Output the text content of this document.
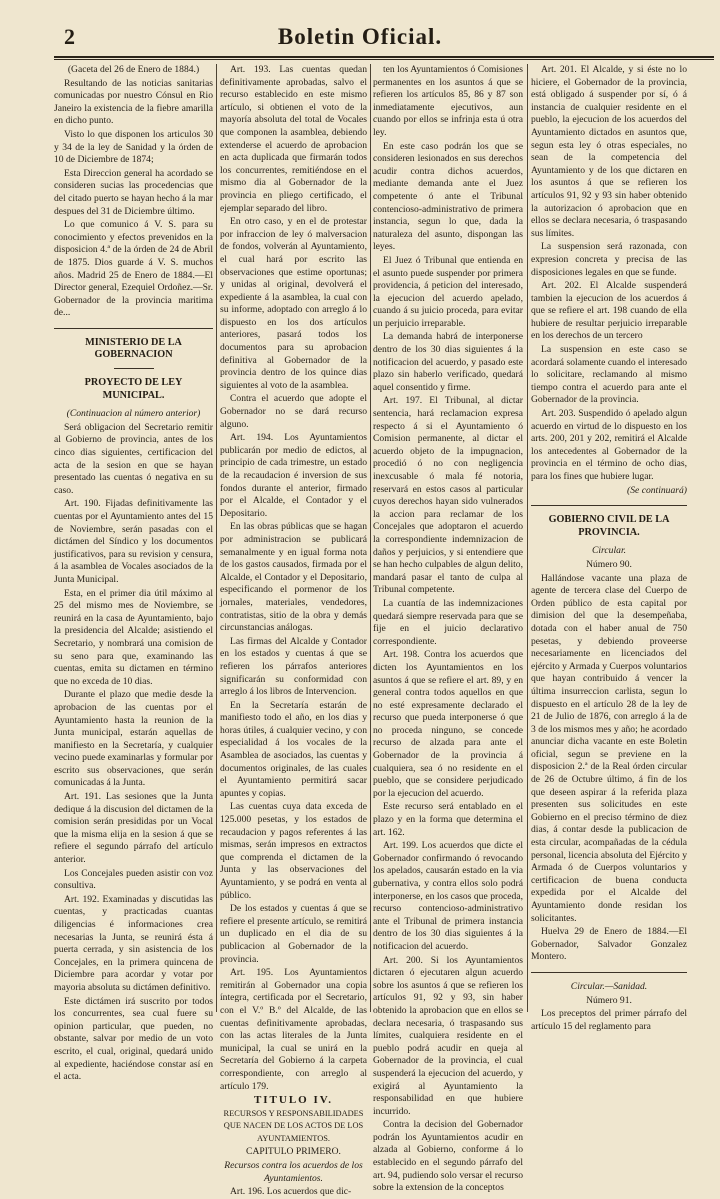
2	Boletin Oficial.

(Gaceta del 26 de Enero de 1884.)

Resultando de las noticias sanitarias comunicadas por nuestro Cónsul en Rio Janeiro la existencia de la fiebre amarilla en dicho punto.

Visto lo que disponen los articulos 30 y 34 de la ley de Sanidad y la órden de 10 de Diciembre de 1874;

Esta Direccion general ha acordado se consideren sucias las procedencias que del citado puerto se hayan hecho á la mar despues del 31 de Diciembre último.

Lo que comunico á V. S. para su conocimiento y efectos prevenidos en la disposicion 4.ª de la órden de 24 de Abril de 1875. Dios guarde á V. S. muchos años. Madrid 25 de Enero de 1884.—El Director general, Ezequiel Ordoñez.—Sr. Gobernador de la provincia maritima de...

MINISTERIO DE LA GOBERNACION

PROYECTO DE LEY MUNICIPAL.

(Continuacion al número anterior)

Será obligacion del Secretario remitir al Gobierno de provincia, antes de los cinco dias siguientes, certificacion del acta de la sesion en que se hayan presentado las cuentas ó negativa en su caso.

Art. 190. Fijadas definitivamente las cuentas por el Ayuntamiento antes del 15 de Noviembre, serán pasadas con el dictámen del Síndico y los documentos justificativos, para su revision y censura, á la asamblea de Vocales asociados de la Junta Municipal.

Esta, en el primer dia útil máximo al 25 del mismo mes de Noviembre, se reunirá en la casa de Ayuntamiento, bajo la presidencia del Alcalde; asistiendo el Secretario, y nombrará una comision de su seno para que, examinando las cuentas, emita su dictamen en término que no exceda de 10 dias.

Durante el plazo que medie desde la aprobacion de las cuentas por el Ayuntamiento hasta la reunion de la Junta municipal, estarán aquellas de manifiesto en la Secretaría, y cualquier vecino puede examinarlas y formular por escrito sus observaciones, que serán comunicadas á la Junta.

Art. 191. Las sesiones que la Junta dedique á la discusion del dictamen de la comision serán presididas por un Vocal que la misma elija en la sesion á que se refiere el segundo párrafo del artículo anterior.

Los Concejales pueden asistir con voz consultiva.

Art. 192. Examinadas y discutidas las cuentas, y practicadas cuantas diligencias é informaciones crea necesarias la Junta, se reunirá ésta á puerta cerrada, y sin asistencia de los Concejales, en la primera quincena de Diciembre para acordar y votar por mayoria absoluta su dictámen definitivo.

Este dictámen irá suscrito por todos los concurrentes, sea cual fuere su opinion particular, que pueden, no obstante, salvar por medio de un voto escrito, el cual, original, quedará unido al expediente, haciéndose constar así en el acta.

Art. 193. Las cuentas quedan definitivamente aprobadas, salvo el recurso establecido en este mismo artículo, si obtienen el voto de la mayoría absoluta del total de Vocales que componen la asamblea, debiendo extenderse el acuerdo de aprobacion en acta duplicada que firmarán todos los concurrentes, remitiéndose en el mismo dia al Gobernador de la provincia en pliego certificado, el ejemplar separado del libro.

En otro caso, y en el de protestar por infraccion de ley ó malversacion de fondos, volverán al Ayuntamiento, el cual hará por escrito las observaciones que estime oportunas; y unidas al original, devolverá el expediente á la asamblea, la cual con su informe, adoptado con arreglo á lo dispuesto en los dos artículos anteriores, pasará todos los documentos para su aprobacion definitiva al Gobernador de la provincia dentro de los quince dias siguientes al voto de la asamblea.

Contra el acuerdo que adopte el Gobernador no se dará recurso alguno.

Art. 194. Los Ayuntamientos publicarán por medio de edictos, al principio de cada trimestre, un estado de la recaudacion é inversion de sus fondos durante el anterior, firmado por el Alcalde, el Contador y el Depositario.

En las obras públicas que se hagan por administracion se publicará semanalmente y en igual forma nota de los gastos causados, firmada por el Alcalde, el Contador y el Depositario, especificando el pormenor de los jornales, materiales, vendedores, contratistas, sitio de la obra y demás circunstancias análogas.

Las firmas del Alcalde y Contador en los estados y cuentas á que se refieren los párrafos anteriores significarán su conformidad con arreglo á los libros de Intervencion.

En la Secretaría estarán de manifiesto todo el año, en los dias y horas útiles, á cualquier vecino, y con especialidad á los vocales de la Asamblea de asociados, las cuentas y documentos originales, de las cuales el Ayuntamiento permitirá sacar apuntes y copias.

Las cuentas cuya data exceda de 125.000 pesetas, y los estados de recaudacion y pagos referentes á las mismas, serán impresos en extractos que comprenda el dictamen de la Junta y las observaciones del Ayuntamiento, y se podrá en venta al público.

De los estados y cuentas á que se refiere el presente artículo, se remitirá un duplicado en el dia de su publicacion al Gobernador de la provincia.

Art. 195. Los Ayuntamientos remitirán al Gobernador una copia íntegra, certificada por el Secretario, con el V.º B.º del Alcalde, de las cuentas definitivamente aprobadas, con las actas literales de la Junta municipal, la cual se unirá en la Secretaría del Gobierno á la carpeta correspondiente, con arreglo al artículo 179.

TITULO IV.

RECURSOS Y RESPONSABILIDADES QUE NACEN DE LOS ACTOS DE LOS AYUNTAMIENTOS.

CAPITULO PRIMERO.

Recursos contra los acuerdos de los Ayuntamientos.

Art. 196. Los acuerdos que dic-

ten los Ayuntamientos ó Comisiones permanentes en los asuntos á que se refieren los artículos 85, 86 y 87 son inmediatamente ejecutivos, aun cuando por ellos se infrinja esta ú otra ley.

En este caso podrán los que se consideren lesionados en sus derechos acudir contra dichos acuerdos, mediante demanda ante el Juez competente ó ante el Tribunal contencioso-administrativo de primera instancia, segun lo que, dada la naturaleza del asunto, dispongan las leyes.

El Juez ó Tribunal que entienda en el asunto puede suspender por primera providencia, á peticion del interesado, la ejecucion del acuerdo apelado, cuando á su juicio proceda, para evitar un perjuicio irreparable.

La demanda habrá de interponerse dentro de los 30 dias siguientes á la notificacion del acuerdo, y pasado este plazo sin haberlo verificado, quedará aquel consentido y firme.

Art. 197. El Tribunal, al dictar sentencia, hará reclamacion expresa respecto á si el Ayuntamiento ó Comision permanente, al dictar el acuerdo objeto de la impugnacion, procedió ó no con negligencia inexcusable ó mala fé notoria, reservará en estos casos al particular cuyos derechos hayan sido vulnerados la accion para reclamar de los Concejales que adoptaron el acuerdo la correspondiente indemnizacion de daños y perjuicios, y si entendiere que se han hecho culpables de algun delito, mandará pasar el tanto de culpa al Tribunal competente.

La cuantía de las indemnizaciones quedará siempre reservada para que se fije en el juicio declarativo correspondiente.

Art. 198. Contra los acuerdos que dicten los Ayuntamientos en los asuntos á que se refiere el art. 89, y en general contra todos aquellos en que no esté expresamente declarado el recurso que pueda interponerse ó que no proceda ninguno, se concede recurso de alzada para ante el Gobernador de la provincia á cualquiera, sea ó no residente en el pueblo, que se considere perjudicado por la ejecucion del acuerdo.

Este recurso será entablado en el plazo y en la forma que determina el art. 162.

Art. 199. Los acuerdos que dicte el Gobernador confirmando ó revocando los apelados, causarán estado en la via gubernativa, y contra ellos solo podrá interponerse, en los casos que proceda, recurso contencioso-administrativo ante el Tribunal de primera instancia dentro de los 30 dias siguientes á la notificacion del acuerdo.

Art. 200. Si los Ayuntamientos dictaren ó ejecutaren algun acuerdo sobre los asuntos á que se refieren los artículos 91, 92 y 93, sin haber obtenido la aprobacion que en ellos se declara necesaria, ó traspasando sus límites, cualquiera residente en el pueblo podrá acudir en queja al Gobernador de la provincia, el cual suspenderá la ejecucion del acuerdo, y exigirá al Ayuntamiento la responsabilidad en que hubiere incurrido.

Contra la decision del Gobernador podrán los Ayuntamientos acudir en alzada al Gobierno, conforme á lo establecido en el segundo párrafo del art. 94, pudiendo solo versar el recurso sobre la extension de la conceptos

Art. 201. El Alcalde, y si éste no lo hiciere, el Gobernador de la provincia, está obligado á suspender por sí, ó á instancia de cualquier residente en el pueblo, la ejecucion de los acuerdos del Ayuntamiento dictados en asuntos que, segun esta ley ó otras especiales, no sean de la competencia del Ayuntamiento y de los que dictaren en los asuntos á que se refieren los artículos 91, 92 y 93 sin haber obtenido la autorizacion ó aprobacion que en ellos se declara necesaria, ó traspasando sus límites.

La suspension será razonada, con expresion concreta y precisa de las disposiciones legales en que se funde.

Art. 202. El Alcalde suspenderá tambien la ejecucion de los acuerdos á que se refiere el art. 198 cuando de ella hubiere de resultar perjuicio irreparable en los derechos de un tercero

La suspension en este caso se acordará solamente cuando el interesado lo solicitare, reclamando al mismo tiempo contra el acuerdo para ante el Gobernador de la provincia.

Art. 203. Suspendido ó apelado algun acuerdo en virtud de lo dispuesto en los arts. 200, 201 y 202, remitirá el Alcalde los antecedentes al Gobernador de la provincia en el término de ocho dias, para los fines que hubiere lugar.

(Se continuará)

GOBIERNO CIVIL DE LA PROVINCIA.

Circular.

Número 90.

Hallándose vacante una plaza de agente de tercera clase del Cuerpo de Orden público de esta capital por dimision del que la desempeñaba, dotada con el haber anual de 750 pesetas, y debiendo proveerse necesariamente en licenciados del ejército y Armada y Cuerpos voluntarios que hayan contribuido á vencer la última insurreccion carlista, segun lo dispuesto en el artículo 28 de la ley de 21 de Julio de 1876, con arreglo á la de 3 de los mismos mes y año; he acordado anunciar dicha vacante en este Boletin oficial, segun se previene en la disposicion 2.ª de la Real órden circular de 26 de Octubre último, á fin de los que deseen aspirar á la referida plaza presenten sus solicitudes en este Gobierno en el preciso término de diez dias, á contar desde la publicacion de esta circular, acompañadas de la cédula personal, licencia absoluta del Ejército y Armada ó de Cuerpos voluntarios y certificacion de buena conducta expedida por el Alcalde del Ayuntamiento donde residan los solicitantes.

Huelva 29 de Enero de 1884.—El Gobernador, Salvador Gonzalez Montero.

Circular.—Sanidad.

Número 91.

Los preceptos del primer párrafo del artículo 15 del reglamento para
